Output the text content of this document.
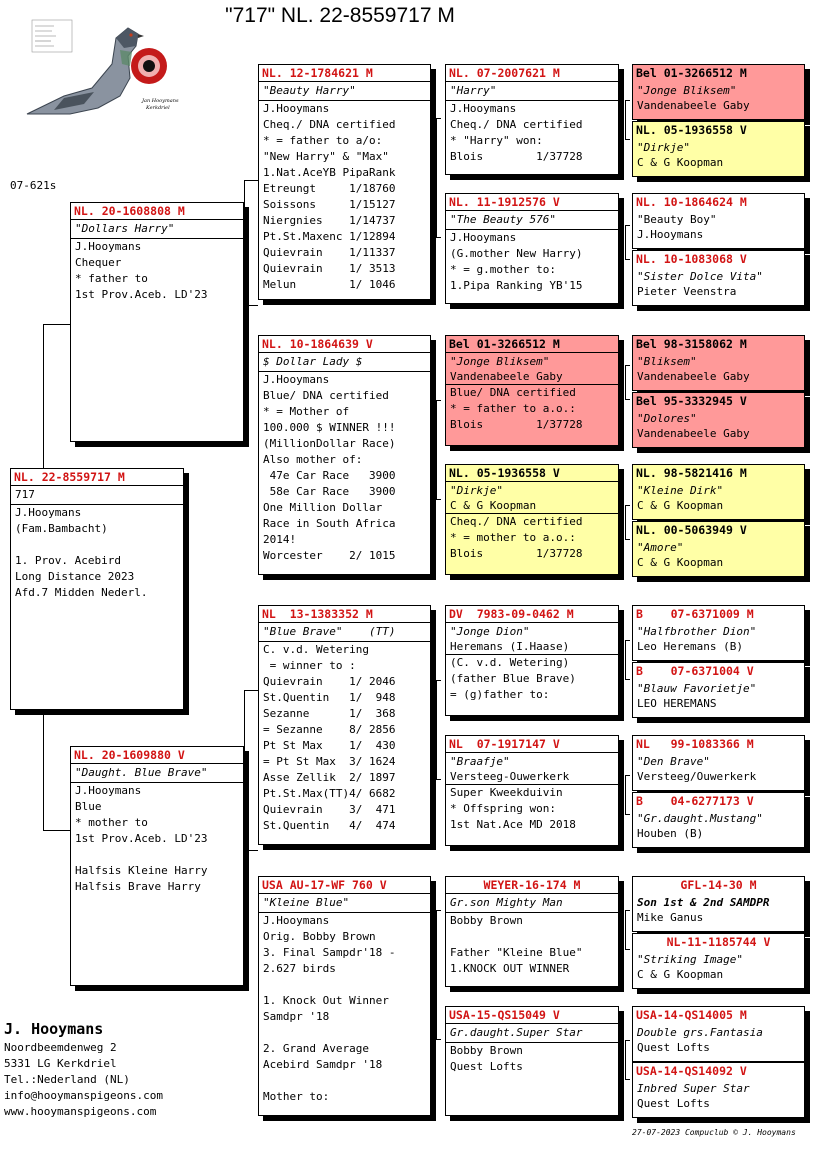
"717" NL. 22-8559717 M
Jan Hooymans
Kerkdriel
07-621s
NL. 22-8559717 M
717
J.Hooymans
(Fam.Bambacht)
1. Prov. Acebird
Long Distance 2023
Afd.7 Midden Nederl.
NL. 20-1608808 M
"Dollars Harry"
J.Hooymans
Chequer
* father to
1st Prov.Aceb. LD'23
NL. 20-1609880 V
"Daught. Blue Brave"
J.Hooymans
Blue
* mother to
1st Prov.Aceb. LD'23
Halfsis Kleine Harry
Halfsis Brave Harry
NL. 12-1784621 M
"Beauty Harry"
J.Hooymans
Cheq./ DNA certified
* = father to a/o:
"New Harry" & "Max"
1.Nat.AceYB PipaRank
Etreungt     1/18760
Soissons     1/15127
Niergnies    1/14737
Pt.St.Maxenc 1/12894
Quievrain    1/11337
Quievrain    1/ 3513
Melun        1/ 1046
NL. 10-1864639 V
$ Dollar Lady $
J.Hooymans
Blue/ DNA certified
* = Mother of
100.000 $ WINNER !!!
(MillionDollar Race)
Also mother of:
47e Car Race   3900
58e Car Race   3900
One Million Dollar
Race in South Africa
2014!
Worcester    2/ 1015
NL  13-1383352 M
"Blue Brave"    (TT)
C. v.d. Wetering
= winner to :
Quievrain    1/ 2046
St.Quentin   1/  948
Sezanne      1/  368
= Sezanne    8/ 2856
Pt St Max    1/  430
= Pt St Max  3/ 1624
Asse Zellik  2/ 1897
Pt.St.Max(TT)4/ 6682
Quievrain    3/  471
St.Quentin   4/  474
USA AU-17-WF 760 V
"Kleine Blue"
J.Hooymans
Orig. Bobby Brown
3. Final Sampdr'18 -
2.627 birds
1. Knock Out Winner
Samdpr '18
2. Grand Average
Acebird Samdpr '18
Mother to:
NL. 07-2007621 M
"Harry"
J.Hooymans
Cheq./ DNA certified
* "Harry" won:
Blois        1/37728
NL. 11-1912576 V
"The Beauty 576"
J.Hooymans
(G.mother New Harry)
* = g.mother to:
1.Pipa Ranking YB'15
Bel 01-3266512 M
"Jonge Bliksem"
Vandenabeele Gaby
Blue/ DNA certified
* = father to a.o.:
Blois        1/37728
NL. 05-1936558 V
"Dirkje"
C & G Koopman
Cheq./ DNA certified
* = mother to a.o.:
Blois        1/37728
DV  7983-09-0462 M
"Jonge Dion"
Heremans (I.Haase)
(C. v.d. Wetering)
(father Blue Brave)
= (g)father to:
NL  07-1917147 V
"Braafje"
Versteeg-Ouwerkerk
Super Kweekduivin
* Offspring won:
1st Nat.Ace MD 2018
WEYER-16-174 M
Gr.son Mighty Man
Bobby Brown
Father "Kleine Blue"
1.KNOCK OUT WINNER
USA-15-QS15049 V
Gr.daught.Super Star
Bobby Brown
Quest Lofts
Bel 01-3266512 M
"Jonge Bliksem"
Vandenabeele Gaby
NL. 05-1936558 V
"Dirkje"
C & G Koopman
NL. 10-1864624 M
"Beauty Boy"
J.Hooymans
NL. 10-1083068 V
"Sister Dolce Vita"
Pieter Veenstra
Bel 98-3158062 M
"Bliksem"
Vandenabeele Gaby
Bel 95-3332945 V
"Dolores"
Vandenabeele Gaby
NL. 98-5821416 M
"Kleine Dirk"
C & G Koopman
NL. 00-5063949 V
"Amore"
C & G Koopman
B    07-6371009 M
"Halfbrother Dion"
Leo Heremans (B)
B    07-6371004 V
"Blauw Favorietje"
LEO HEREMANS
NL   99-1083366 M
"Den Brave"
Versteeg/Ouwerkerk
B    04-6277173 V
"Gr.daught.Mustang"
Houben (B)
GFL-14-30 M
Son 1st & 2nd SAMDPR
Mike Ganus
NL-11-1185744 V
"Striking Image"
C & G Koopman
USA-14-QS14005 M
Double grs.Fantasia
Quest Lofts
USA-14-QS14092 V
Inbred Super Star
Quest Lofts
J. Hooymans
Noordbeemdenweg 2
5331 LG Kerkdriel
Tel.:Nederland (NL)
info@hooymanspigeons.com
www.hooymanspigeons.com
27-07-2023 Compuclub © J. Hooymans
